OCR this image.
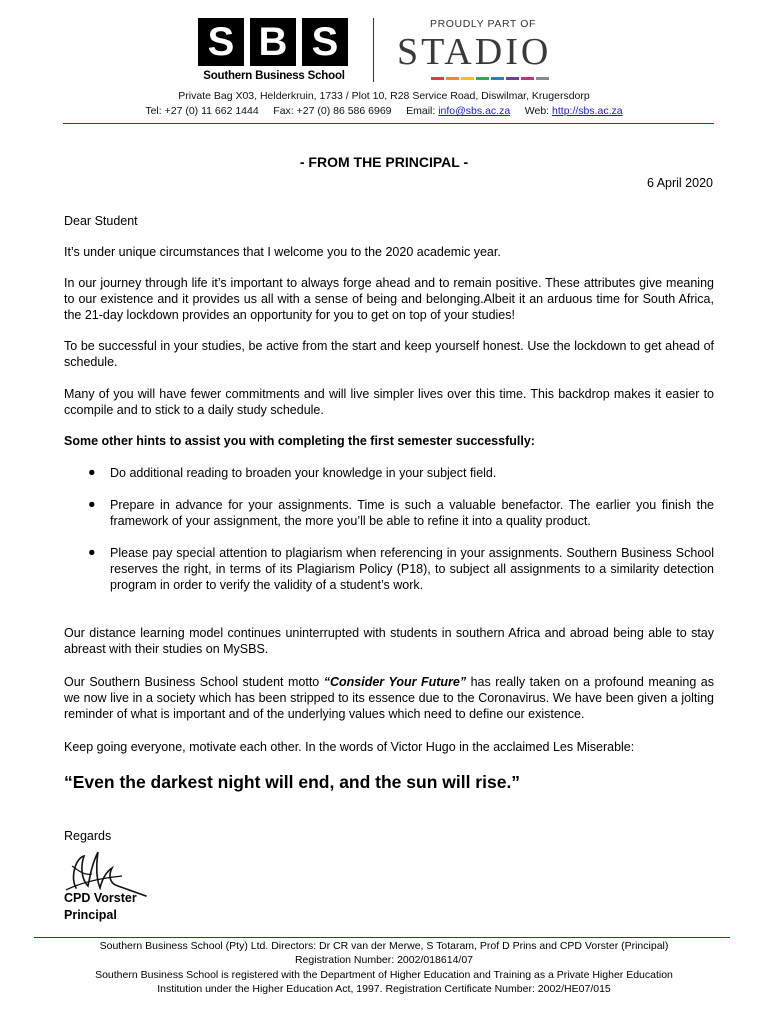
S B S
Southern Business School
PROUDLY PART OF
STADIO
Private Bag X03, Helderkruin, 1733 / Plot 10, R28 Service Road, Diswilmar, Krugersdorp
Tel: +27 (0) 11 662 1444 Fax: +27 (0) 86 586 6969 Email: info@sbs.ac.za Web: http://sbs.ac.za
- FROM THE PRINCIPAL -
6 April 2020
Dear Student
It’s under unique circumstances that I welcome you to the 2020 academic year.
In our journey through life it’s important to always forge ahead and to remain positive. These attributes give meaning to our existence and it provides us all with a sense of being and belonging.Albeit it an arduous time for South Africa, the 21-day lockdown provides an opportunity for you to get on top of your studies!
To be successful in your studies, be active from the start and keep yourself honest. Use the lockdown to get ahead of schedule.
Many of you will have fewer commitments and will live simpler lives over this time. This backdrop makes it easier to ccompile and to stick to a daily study schedule.
Some other hints to assist you with completing the first semester successfully:
● Do additional reading to broaden your knowledge in your subject field.
● Prepare in advance for your assignments. Time is such a valuable benefactor. The earlier you finish the framework of your assignment, the more you’ll be able to refine it into a quality product.
● Please pay special attention to plagiarism when referencing in your assignments. Southern Business School reserves the right, in terms of its Plagiarism Policy (P18), to subject all assignments to a similarity detection program in order to verify the validity of a student’s work.
Our distance learning model continues uninterrupted with students in southern Africa and abroad being able to stay abreast with their studies on MySBS.
Our Southern Business School student motto “Consider Your Future” has really taken on a profound meaning as we now live in a society which has been stripped to its essence due to the Coronavirus. We have been given a jolting reminder of what is important and of the underlying values which need to define our existence.
Keep going everyone, motivate each other. In the words of Victor Hugo in the acclaimed Les Miserable:
“Even the darkest night will end, and the sun will rise.”
Regards
CPD Vorster
Principal
Southern Business School (Pty) Ltd. Directors: Dr CR van der Merwe, S Totaram, Prof D Prins and CPD Vorster (Principal)
Registration Number: 2002/018614/07
Southern Business School is registered with the Department of Higher Education and Training as a Private Higher Education
Institution under the Higher Education Act, 1997. Registration Certificate Number: 2002/HE07/015
